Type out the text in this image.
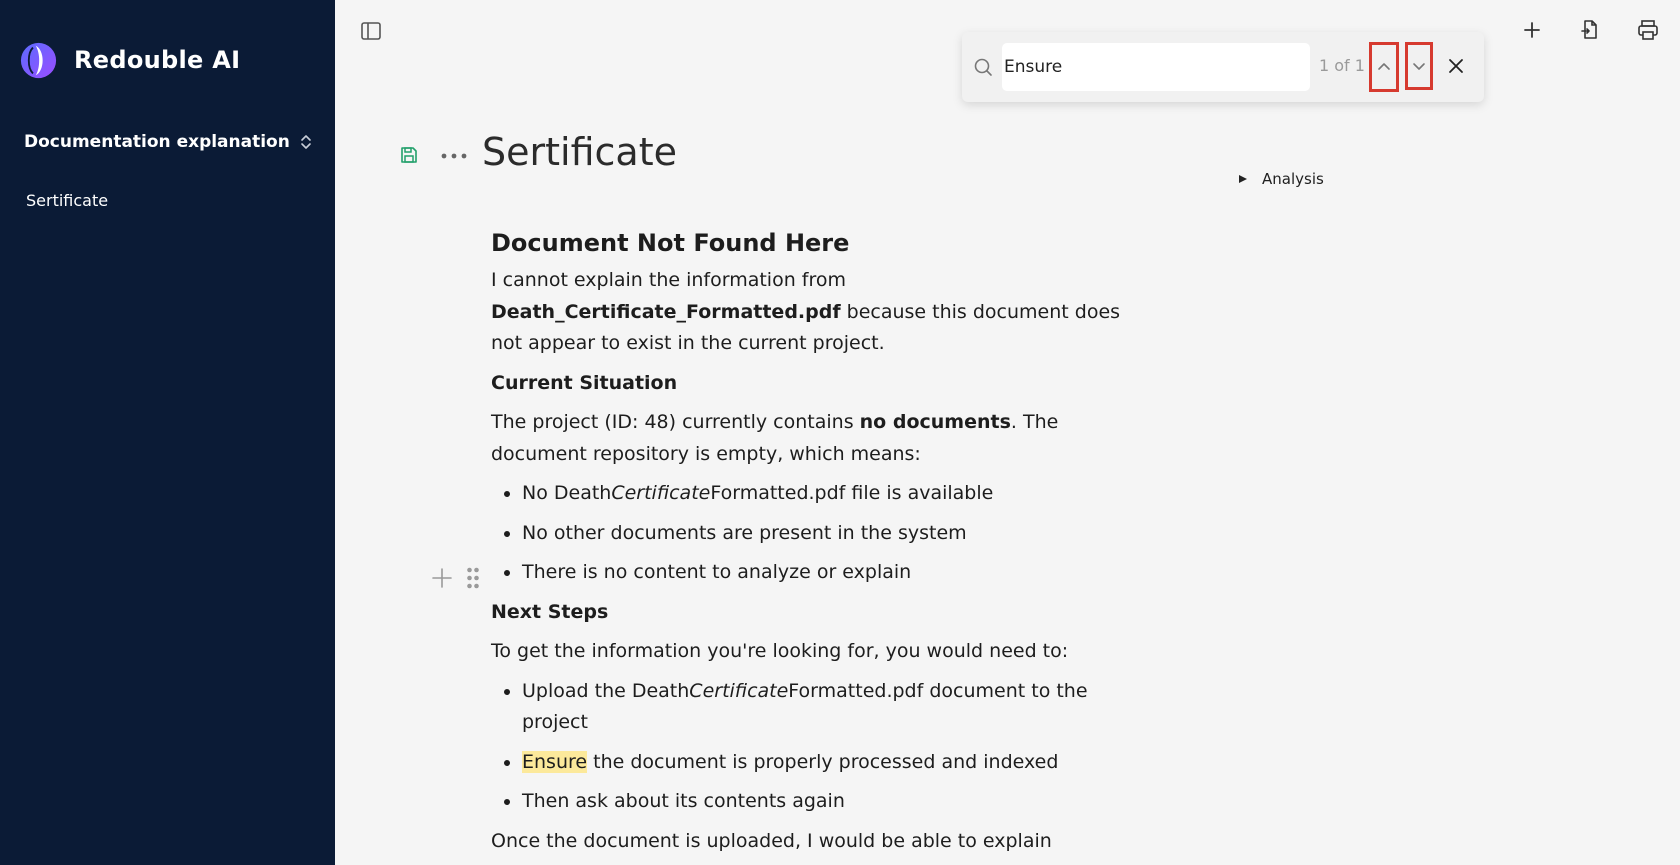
Redouble AI
Documentation explanation
Sertificate
Ensure
1 of 1
Sertificate
Analysis
Document Not Found Here

I cannot explain the information from Death_Certificate_Formatted.pdf because this document does not appear to exist in the current project.

Current Situation

The project (ID: 48) currently contains no documents. The document repository is empty, which means:

• No DeathCertificateFormatted.pdf file is available
• No other documents are present in the system
• There is no content to analyze or explain
Next Steps

To get the information you're looking for, you would need to:

• Upload the DeathCertificateFormatted.pdf document to the project
• Ensure the document is properly processed and indexed
• Then ask about its contents again

Once the document is uploaded, I would be able to explain
